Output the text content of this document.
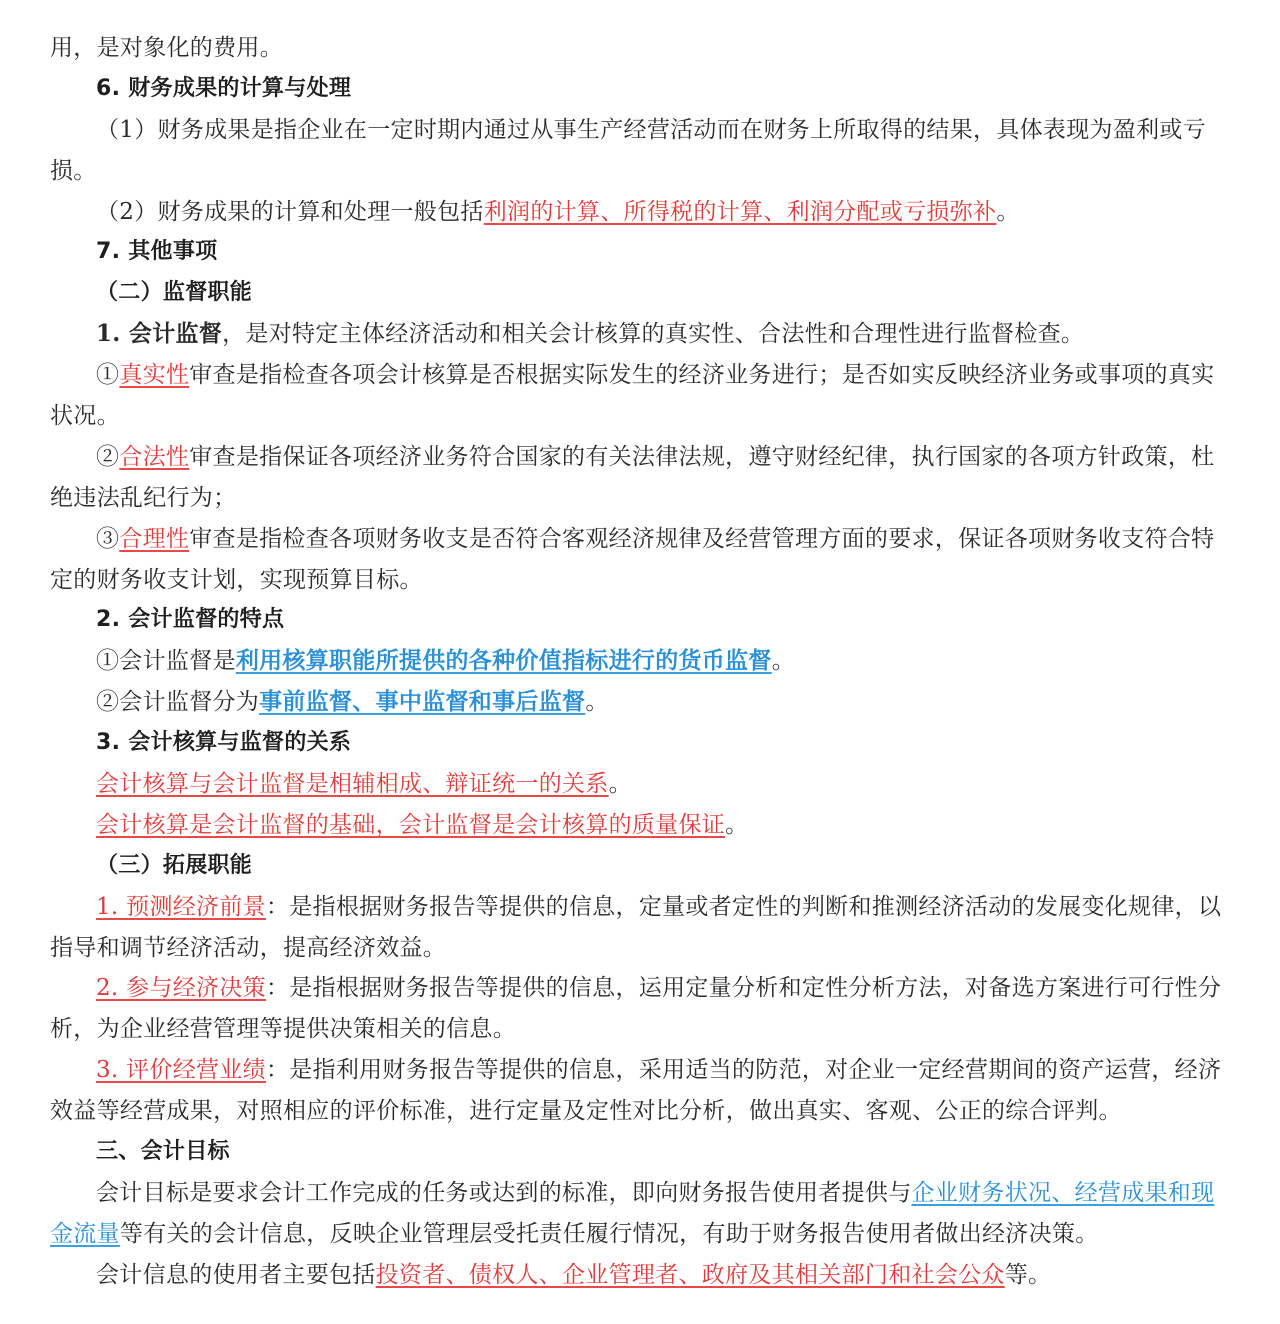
用，是对象化的费用。
6. 财务成果的计算与处理
（1）财务成果是指企业在一定时期内通过从事生产经营活动而在财务上所取得的结果，具体表现为盈利或亏
损。
（2）财务成果的计算和处理一般包括利润的计算、所得税的计算、利润分配或亏损弥补。
7. 其他事项
（二）监督职能
1. 会计监督，是对特定主体经济活动和相关会计核算的真实性、合法性和合理性进行监督检查。
①真实性审查是指检查各项会计核算是否根据实际发生的经济业务进行；是否如实反映经济业务或事项的真实
状况。
②合法性审查是指保证各项经济业务符合国家的有关法律法规，遵守财经纪律，执行国家的各项方针政策，杜
绝违法乱纪行为；
③合理性审查是指检查各项财务收支是否符合客观经济规律及经营管理方面的要求，保证各项财务收支符合特
定的财务收支计划，实现预算目标。
2. 会计监督的特点
①会计监督是利用核算职能所提供的各种价值指标进行的货币监督。
②会计监督分为事前监督、事中监督和事后监督。
3. 会计核算与监督的关系
会计核算与会计监督是相辅相成、辩证统一的关系。
会计核算是会计监督的基础，会计监督是会计核算的质量保证。
（三）拓展职能
1. 预测经济前景：是指根据财务报告等提供的信息，定量或者定性的判断和推测经济活动的发展变化规律，以
指导和调节经济活动，提高经济效益。
2. 参与经济决策：是指根据财务报告等提供的信息，运用定量分析和定性分析方法，对备选方案进行可行性分
析，为企业经营管理等提供决策相关的信息。
3. 评价经营业绩：是指利用财务报告等提供的信息，采用适当的防范，对企业一定经营期间的资产运营，经济
效益等经营成果，对照相应的评价标准，进行定量及定性对比分析，做出真实、客观、公正的综合评判。
三、会计目标
会计目标是要求会计工作完成的任务或达到的标准，即向财务报告使用者提供与企业财务状况、经营成果和现
金流量等有关的会计信息，反映企业管理层受托责任履行情况，有助于财务报告使用者做出经济决策。
会计信息的使用者主要包括投资者、债权人、企业管理者、政府及其相关部门和社会公众等。
